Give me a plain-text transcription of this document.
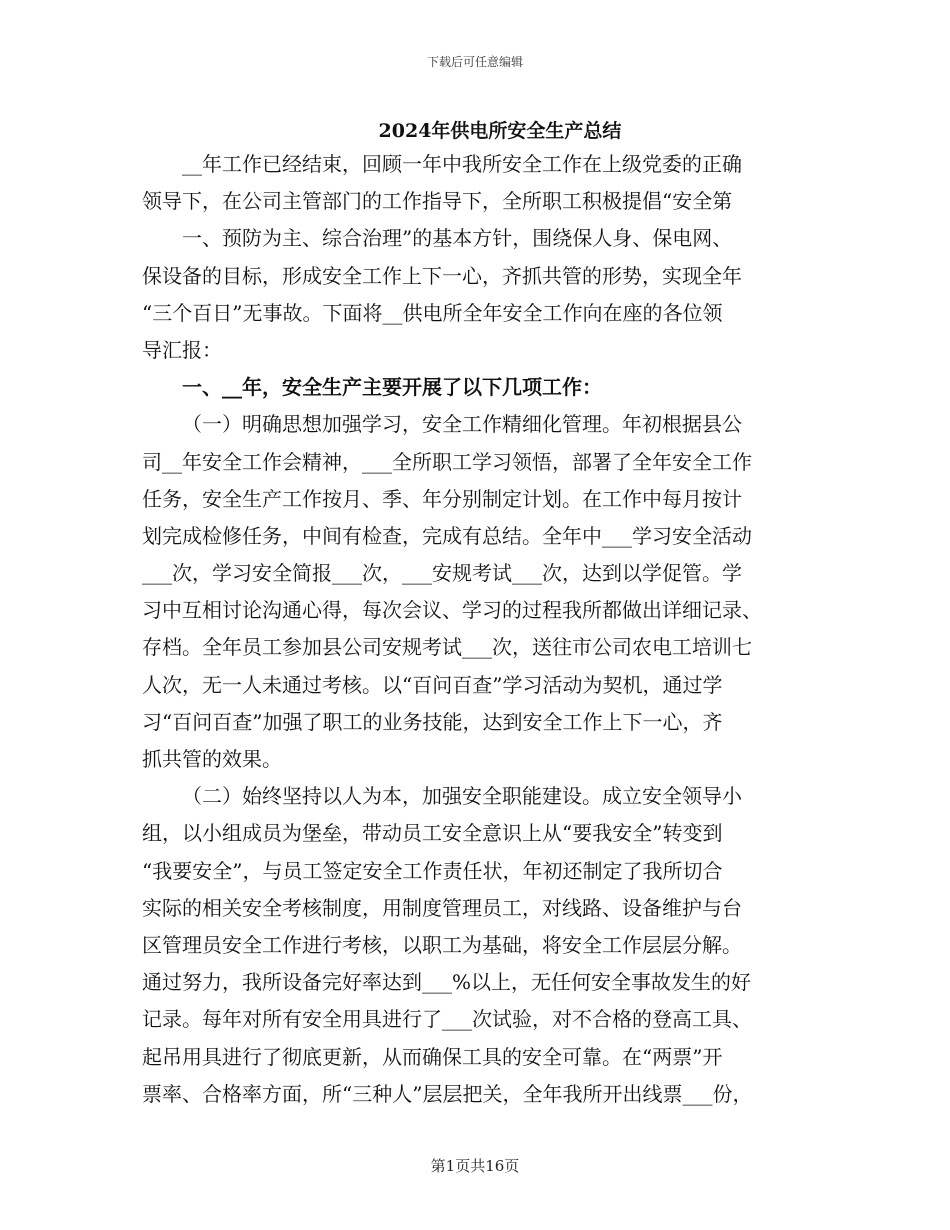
下载后可任意编辑
2024年供电所安全生产总结
__年工作已经结束，回顾一年中我所安全工作在上级党委的正确
领导下，在公司主管部门的工作指导下，全所职工积极提倡“安全第
一、预防为主、综合治理”的基本方针，围绕保人身、保电网、
保设备的目标，形成安全工作上下一心，齐抓共管的形势，实现全年
“三个百日”无事故。下面将__供电所全年安全工作向在座的各位领
导汇报：
一、__年，安全生产主要开展了以下几项工作：
（一）明确思想加强学习，安全工作精细化管理。年初根据县公
司__年安全工作会精神，___全所职工学习领悟，部署了全年安全工作
任务，安全生产工作按月、季、年分别制定计划。在工作中每月按计
划完成检修任务，中间有检查，完成有总结。全年中___学习安全活动
___次，学习安全简报___次，___安规考试___次，达到以学促管。学
习中互相讨论沟通心得，每次会议、学习的过程我所都做出详细记录、
存档。全年员工参加县公司安规考试___次，送往市公司农电工培训七
人次，无一人未通过考核。以“百问百查”学习活动为契机，通过学
习“百问百查”加强了职工的业务技能，达到安全工作上下一心，齐
抓共管的效果。
（二）始终坚持以人为本，加强安全职能建设。成立安全领导小
组，以小组成员为堡垒，带动员工安全意识上从“要我安全”转变到
“我要安全”，与员工签定安全工作责任状，年初还制定了我所切合
实际的相关安全考核制度，用制度管理员工，对线路、设备维护与台
区管理员安全工作进行考核，以职工为基础，将安全工作层层分解。
通过努力，我所设备完好率达到___%以上，无任何安全事故发生的好
记录。每年对所有安全用具进行了___次试验，对不合格的登高工具、
起吊用具进行了彻底更新，从而确保工具的安全可靠。在“两票”开
票率、合格率方面，所“三种人”层层把关，全年我所开出线票___份，
第1页共16页
